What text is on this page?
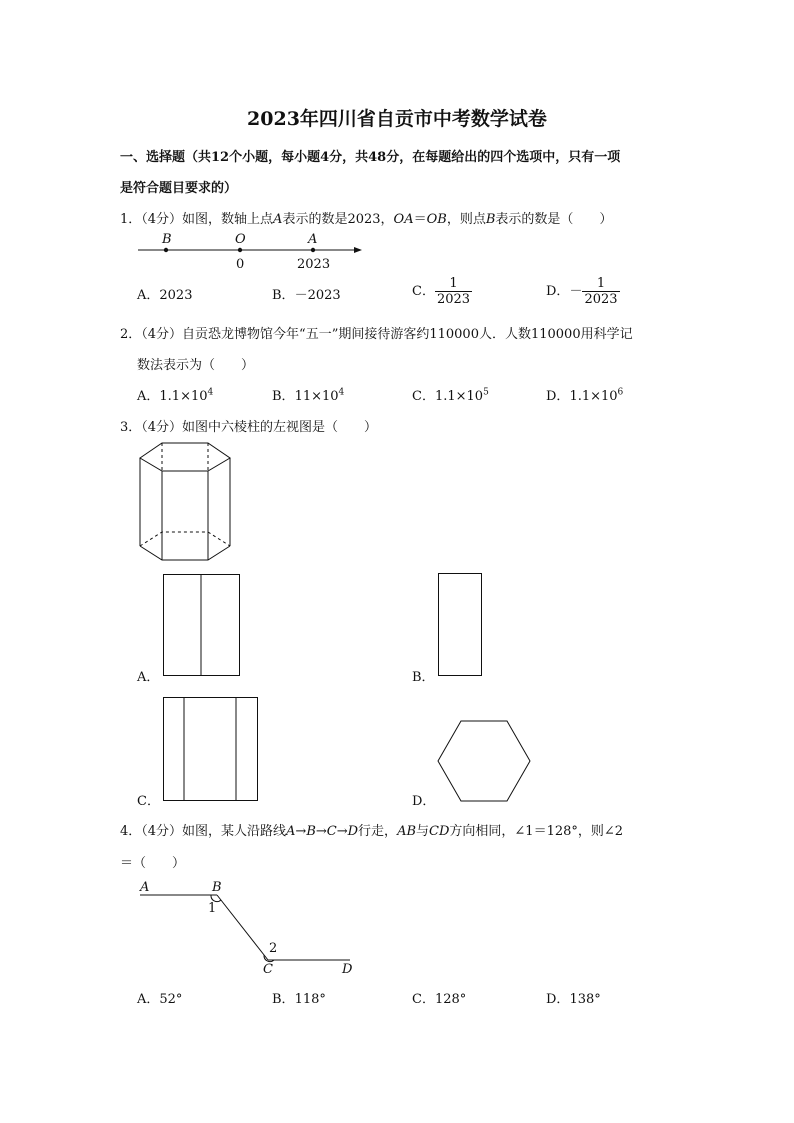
2023年四川省自贡市中考数学试卷
一、选择题（共12个小题，每小题4分，共48分，在每题给出的四个选项中，只有一项
是符合题目要求的）
1．（4分）如图，数轴上点A表示的数是2023，OA＝OB，则点B表示的数是（　　）
B	O	A
0	2023
A．2023	B．－2023	C． $\frac{1}{2023}$	D．－ $\frac{1}{2023}$
2．（4分）自贡恐龙博物馆今年“五一”期间接待游客约110000人．人数110000用科学记
数法表示为（　　）
A．$1.1\times 10^4$	B．$11\times 10^4$	C．$1.1\times 10^5$	D．$1.1\times 10^6$
3．（4分）如图中六棱柱的左视图是（　　）
A．	B．
C．	D．
4．（4分）如图，某人沿路线A→B→C→D行走，AB与CD方向相同，∠1＝128°，则∠2
＝（　　）
A	B
1
2
C	D
A．52°	B．118°	C．128°	D．138°
